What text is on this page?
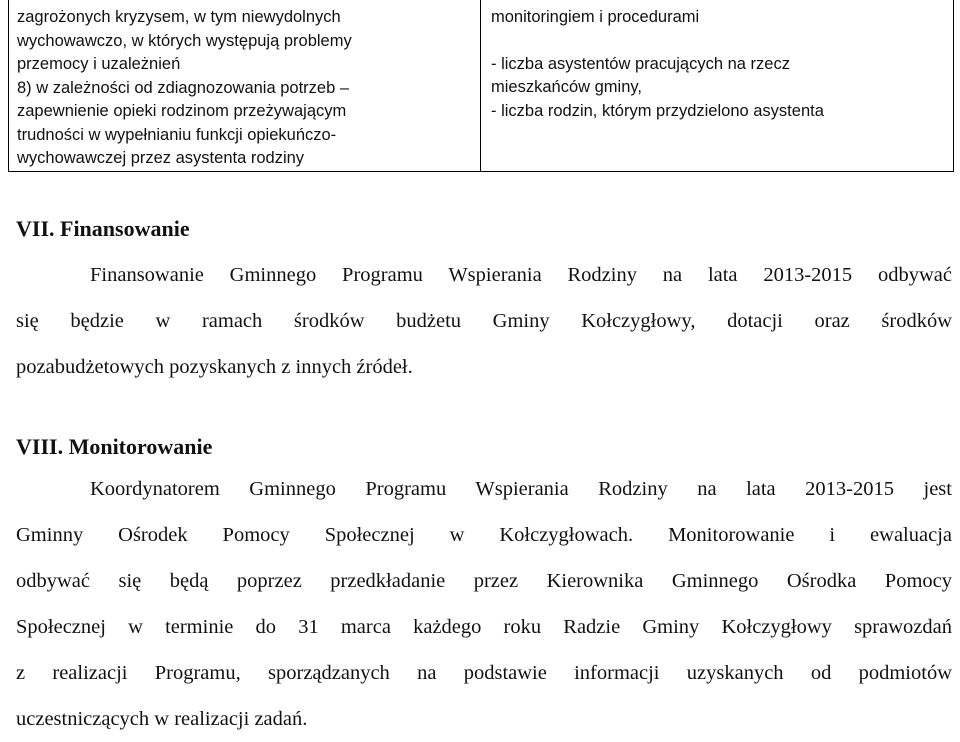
zagrożonych kryzysem, w tym niewydolnych
wychowawczo, w których występują problemy
przemocy i uzależnień
8) w zależności od zdiagnozowania potrzeb –
zapewnienie opieki rodzinom przeżywającym
trudności w wypełnianiu funkcji opiekuńczo-
wychowawczej przez asystenta rodziny
monitoringiem i procedurami
- liczba asystentów pracujących na rzecz
mieszkańców gminy,
- liczba rodzin, którym przydzielono asystenta
VII. Finansowanie
Finansowanie Gminnego Programu Wspierania Rodziny na lata 2013-2015 odbywać
się będzie w ramach środków budżetu Gminy Kołczygłowy, dotacji oraz środków
pozabudżetowych pozyskanych z innych źródeł.
VIII. Monitorowanie
Koordynatorem Gminnego Programu Wspierania Rodziny na lata 2013-2015 jest
Gminny Ośrodek Pomocy Społecznej w Kołczygłowach. Monitorowanie i ewaluacja
odbywać się będą poprzez przedkładanie przez Kierownika Gminnego Ośrodka Pomocy
Społecznej w terminie do 31 marca każdego roku Radzie Gminy Kołczygłowy sprawozdań
z realizacji Programu, sporządzanych na podstawie informacji uzyskanych od podmiotów
uczestniczących w realizacji zadań.
